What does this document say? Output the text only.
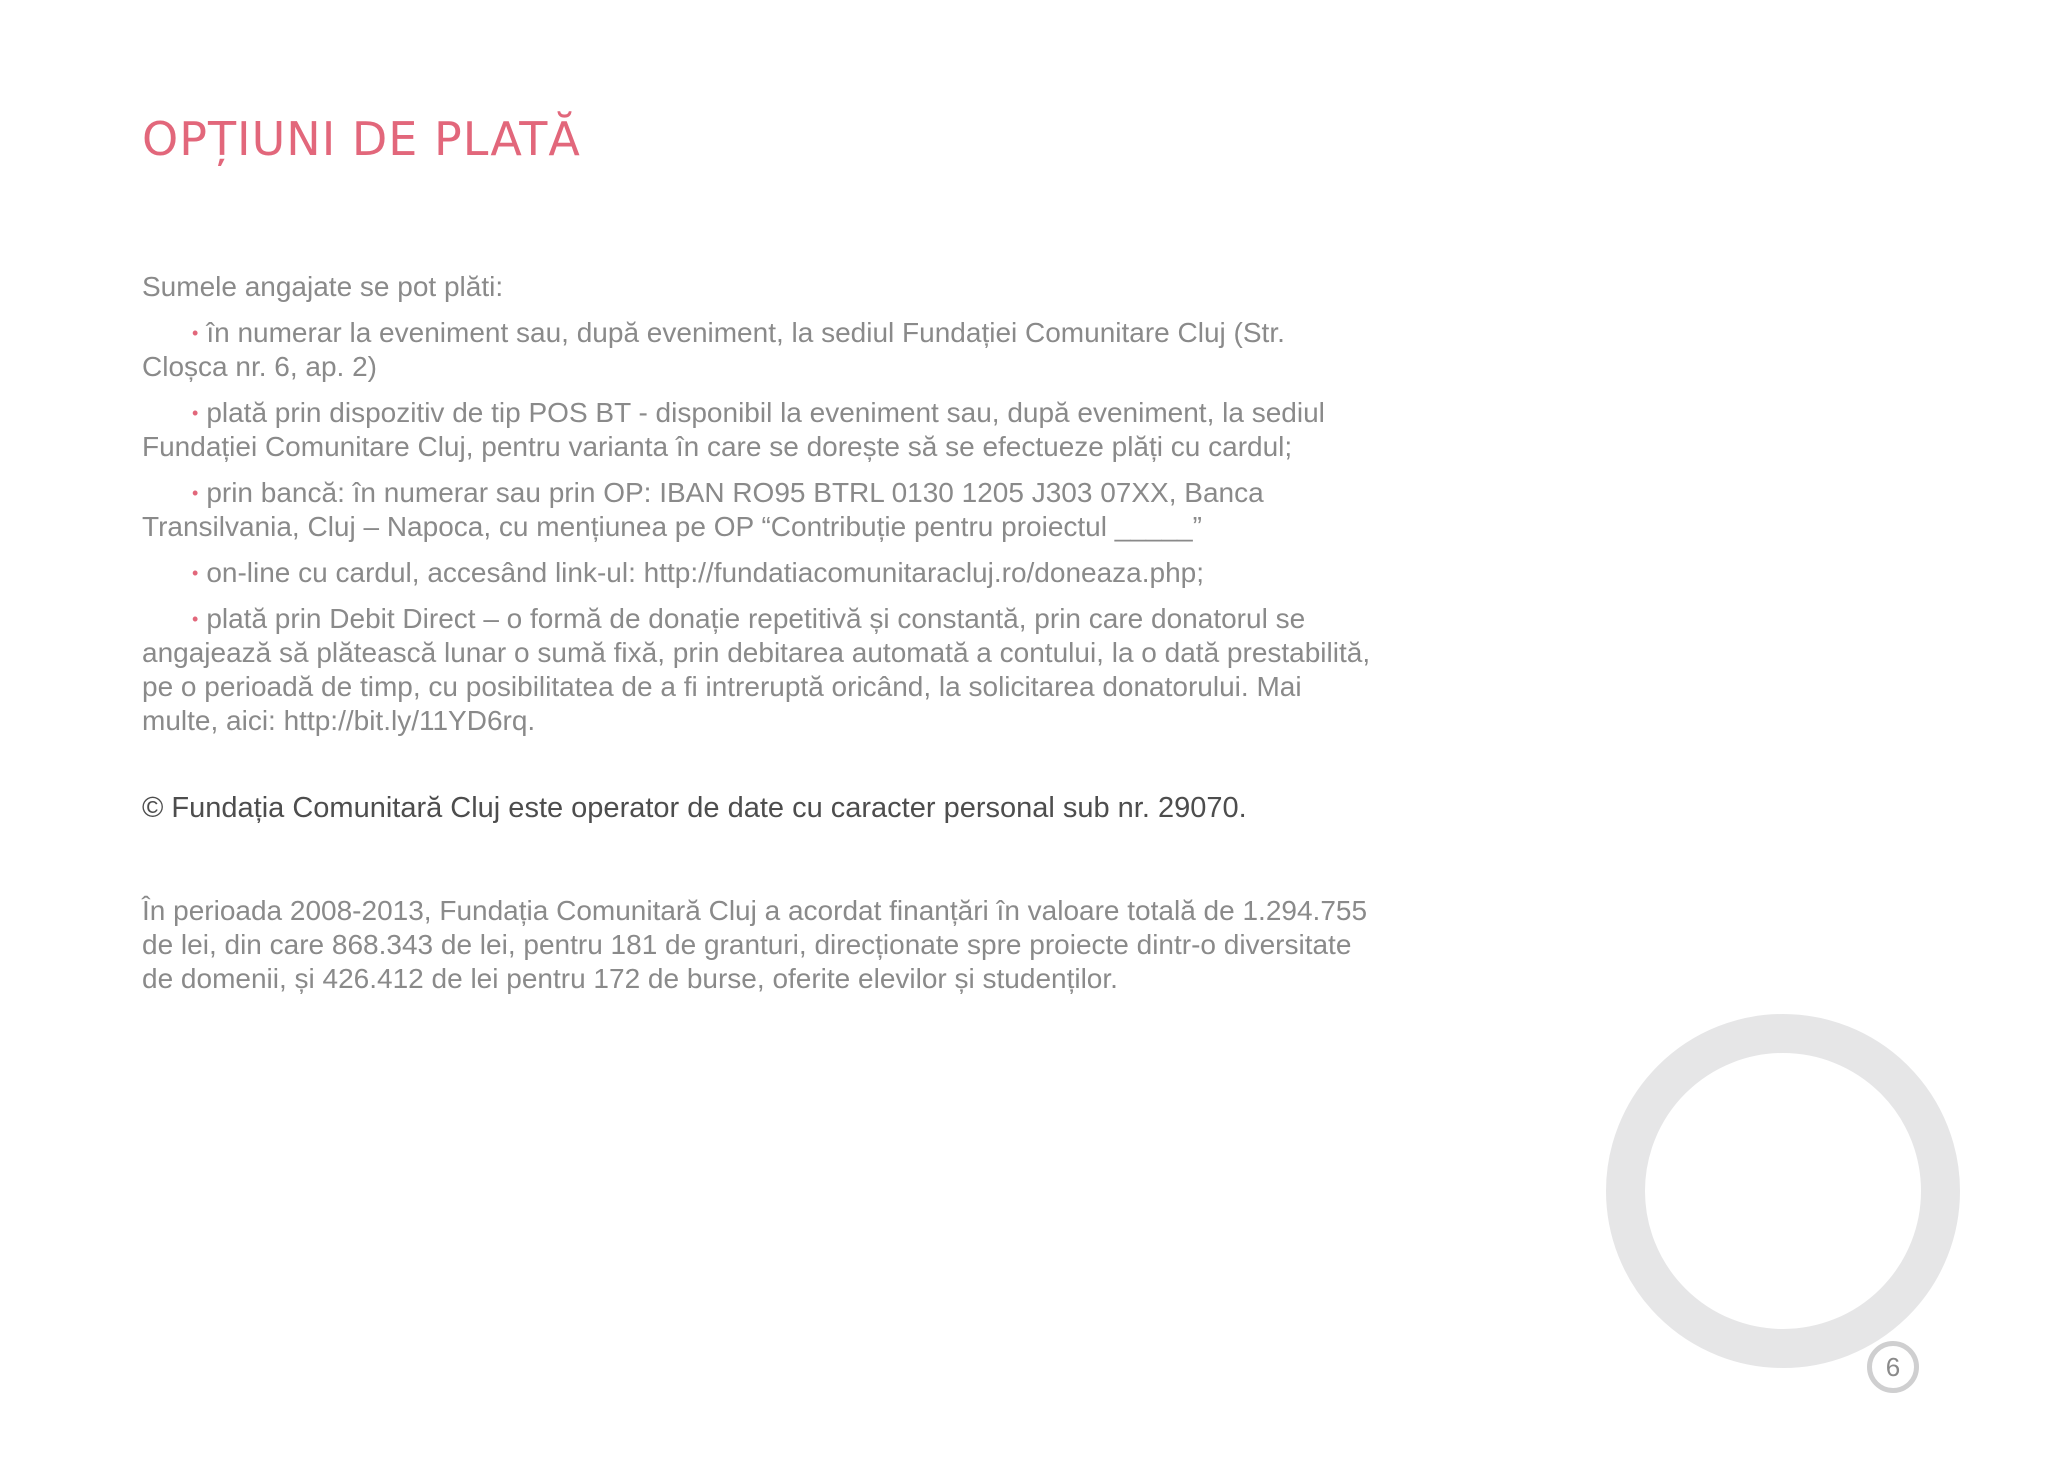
OPȚIUNI DE PLATĂ

Sumele angajate se pot plăti:

• în numerar la eveniment sau, după eveniment, la sediul Fundației Comunitare Cluj (Str. Cloșca nr. 6, ap. 2)

• plată prin dispozitiv de tip POS BT - disponibil la eveniment sau, după eveniment, la sediul Fundației Comunitare Cluj, pentru varianta în care se dorește să se efectueze plăți cu cardul;

• prin bancă: în numerar sau prin OP: IBAN RO95 BTRL 0130 1205 J303 07XX, Banca Transilvania, Cluj – Napoca, cu mențiunea pe OP “Contribuție pentru proiectul _____”

• on-line cu cardul, accesând link-ul: http://fundatiacomunitaracluj.ro/doneaza.php;

• plată prin Debit Direct – o formă de donație repetitivă și constantă, prin care donatorul se angajează să plătească lunar o sumă fixă, prin debitarea automată a contului, la o dată prestabilită, pe o perioadă de timp, cu posibilitatea de a fi intreruptă oricând, la solicitarea donatorului. Mai multe, aici: http://bit.ly/11YD6rq.

© Fundația Comunitară Cluj este operator de date cu caracter personal sub nr. 29070.

În perioada 2008-2013, Fundația Comunitară Cluj a acordat finanțări în valoare totală de 1.294.755 de lei, din care 868.343 de lei, pentru 181 de granturi, direcționate spre proiecte dintr-o diversitate de domenii, și 426.412 de lei pentru 172 de burse, oferite elevilor și studenților.

6
